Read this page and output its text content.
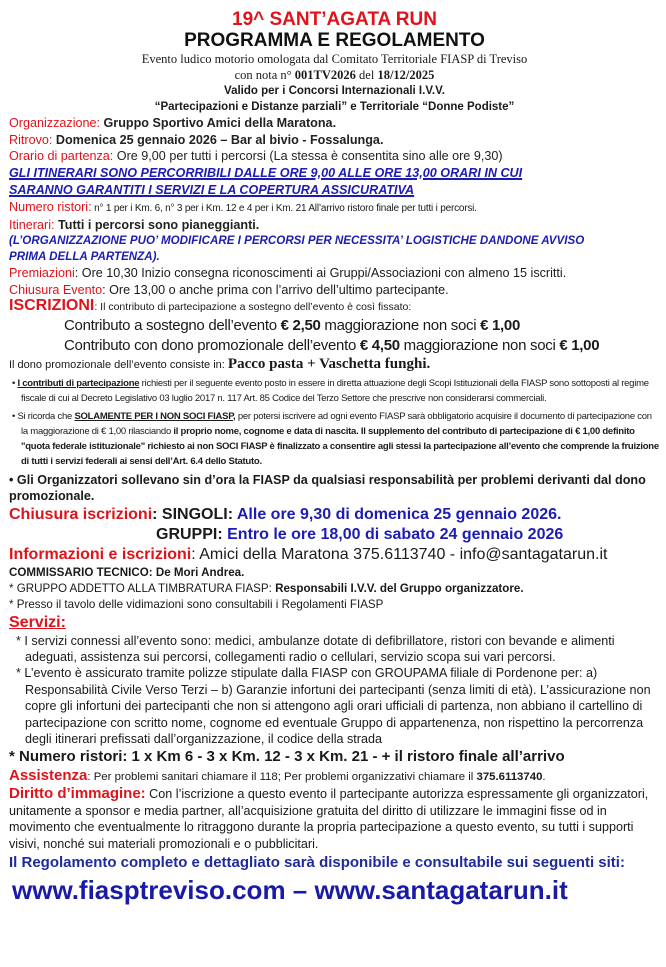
19^ SANT’AGATA RUN
PROGRAMMA E REGOLAMENTO
Evento ludico motorio omologata dal Comitato Territoriale FIASP di Treviso
con nota n° 001TV2026 del 18/12/2025
Valido per i Concorsi Internazionali I.V.V.
“Partecipazioni e Distanze parziali” e Territoriale “Donne Podiste”
Organizzazione: Gruppo Sportivo Amici della Maratona.
Ritrovo: Domenica 25 gennaio 2026 – Bar al bivio - Fossalunga.
Orario di partenza: Ore 9,00 per tutti i percorsi (La stessa è consentita sino alle ore 9,30)
GLI ITINERARI SONO PERCORRIBILI DALLE ORE 9,00 ALLE ORE 13,00 ORARI IN CUI
SARANNO GARANTITI I SERVIZI E LA COPERTURA ASSICURATIVA
Numero ristori: n° 1 per i Km. 6, n° 3 per i Km. 12 e 4 per i Km. 21 All’arrivo ristoro finale per tutti i percorsi.
Itinerari: Tutti i percorsi sono pianeggianti.
(L’ORGANIZZAZIONE PUO’ MODIFICARE I PERCORSI PER NECESSITA’ LOGISTICHE DANDONE AVVISO
PRIMA DELLA PARTENZA).
Premiazioni: Ore 10,30 Inizio consegna riconoscimenti ai Gruppi/Associazioni con almeno 15 iscritti.
Chiusura Evento: Ore 13,00 o anche prima con l’arrivo dell’ultimo partecipante.
ISCRIZIONI: Il contributo di partecipazione a sostegno dell’evento è così fissato:
Contributo a sostegno dell’evento € 2,50 maggiorazione non soci € 1,00
Contributo con dono promozionale dell’evento € 4,50 maggiorazione non soci € 1,00
Il dono promozionale dell’evento consiste in: Pacco pasta + Vaschetta funghi.
• I contributi di partecipazione richiesti per il seguente evento posto in essere in diretta attuazione degli Scopi Istituzionali della FIASP sono sottoposti al regime fiscale di cui al Decreto Legislativo 03 luglio 2017 n. 117 Art. 85 Codice del Terzo Settore che prescrive non considerarsi commerciali.
• Si ricorda che SOLAMENTE PER I NON SOCI FIASP, per potersi iscrivere ad ogni evento FIASP sarà obbligatorio acquisire il documento di partecipazione con la maggiorazione di € 1,00 rilasciando il proprio nome, cognome e data di nascita. Il supplemento del contributo di partecipazione di € 1,00 definito "quota federale istituzionale" richiesto ai non SOCI FIASP è finalizzato a consentire agli stessi la partecipazione all’evento che comprende la fruizione di tutti i servizi federali ai sensi dell’Art. 6.4 dello Statuto.
• Gli Organizzatori sollevano sin d’ora la FIASP da qualsiasi responsabilità per problemi derivanti dal dono promozionale.
Chiusura iscrizioni: SINGOLI: Alle ore 9,30 di domenica 25 gennaio 2026.
GRUPPI: Entro le ore 18,00 di sabato 24 gennaio 2026
Informazioni e iscrizioni: Amici della Maratona 375.6113740 - info@santagatarun.it
COMMISSARIO TECNICO: De Mori Andrea.
* GRUPPO ADDETTO ALLA TIMBRATURA FIASP: Responsabili I.V.V. del Gruppo organizzatore.
* Presso il tavolo delle vidimazioni sono consultabili i Regolamenti FIASP
Servizi:
* I servizi connessi all’evento sono: medici, ambulanze dotate di defibrillatore, ristori con bevande e alimenti adeguati, assistenza sui percorsi, collegamenti radio o cellulari, servizio scopa sui vari percorsi.
* L’evento è assicurato tramite polizze stipulate dalla FIASP con GROUPAMA filiale di Pordenone per: a) Responsabilità Civile Verso Terzi – b) Garanzie infortuni dei partecipanti (senza limiti di età). L’assicurazione non copre gli infortuni dei partecipanti che non si attengono agli orari ufficiali di partenza, non abbiano il cartellino di partecipazione con scritto nome, cognome ed eventuale Gruppo di appartenenza, non rispettino la percorrenza degli itinerari prefissati dall’organizzazione, il codice della strada
* Numero ristori: 1 x Km 6 - 3 x Km. 12 - 3 x Km. 21 - + il ristoro finale all’arrivo
Assistenza: Per problemi sanitari chiamare il 118; Per problemi organizzativi chiamare il 375.6113740.
Diritto d’immagine: Con l’iscrizione a questo evento il partecipante autorizza espressamente gli organizzatori, unitamente a sponsor e media partner, all’acquisizione gratuita del diritto di utilizzare le immagini fisse od in movimento che eventualmente lo ritraggono durante la propria partecipazione a questo evento, su tutti i supporti visivi, nonché sui materiali promozionali e o pubblicitari.
Il Regolamento completo e dettagliato sarà disponibile e consultabile sui seguenti siti:
www.fiasptreviso.com – www.santagatarun.it
